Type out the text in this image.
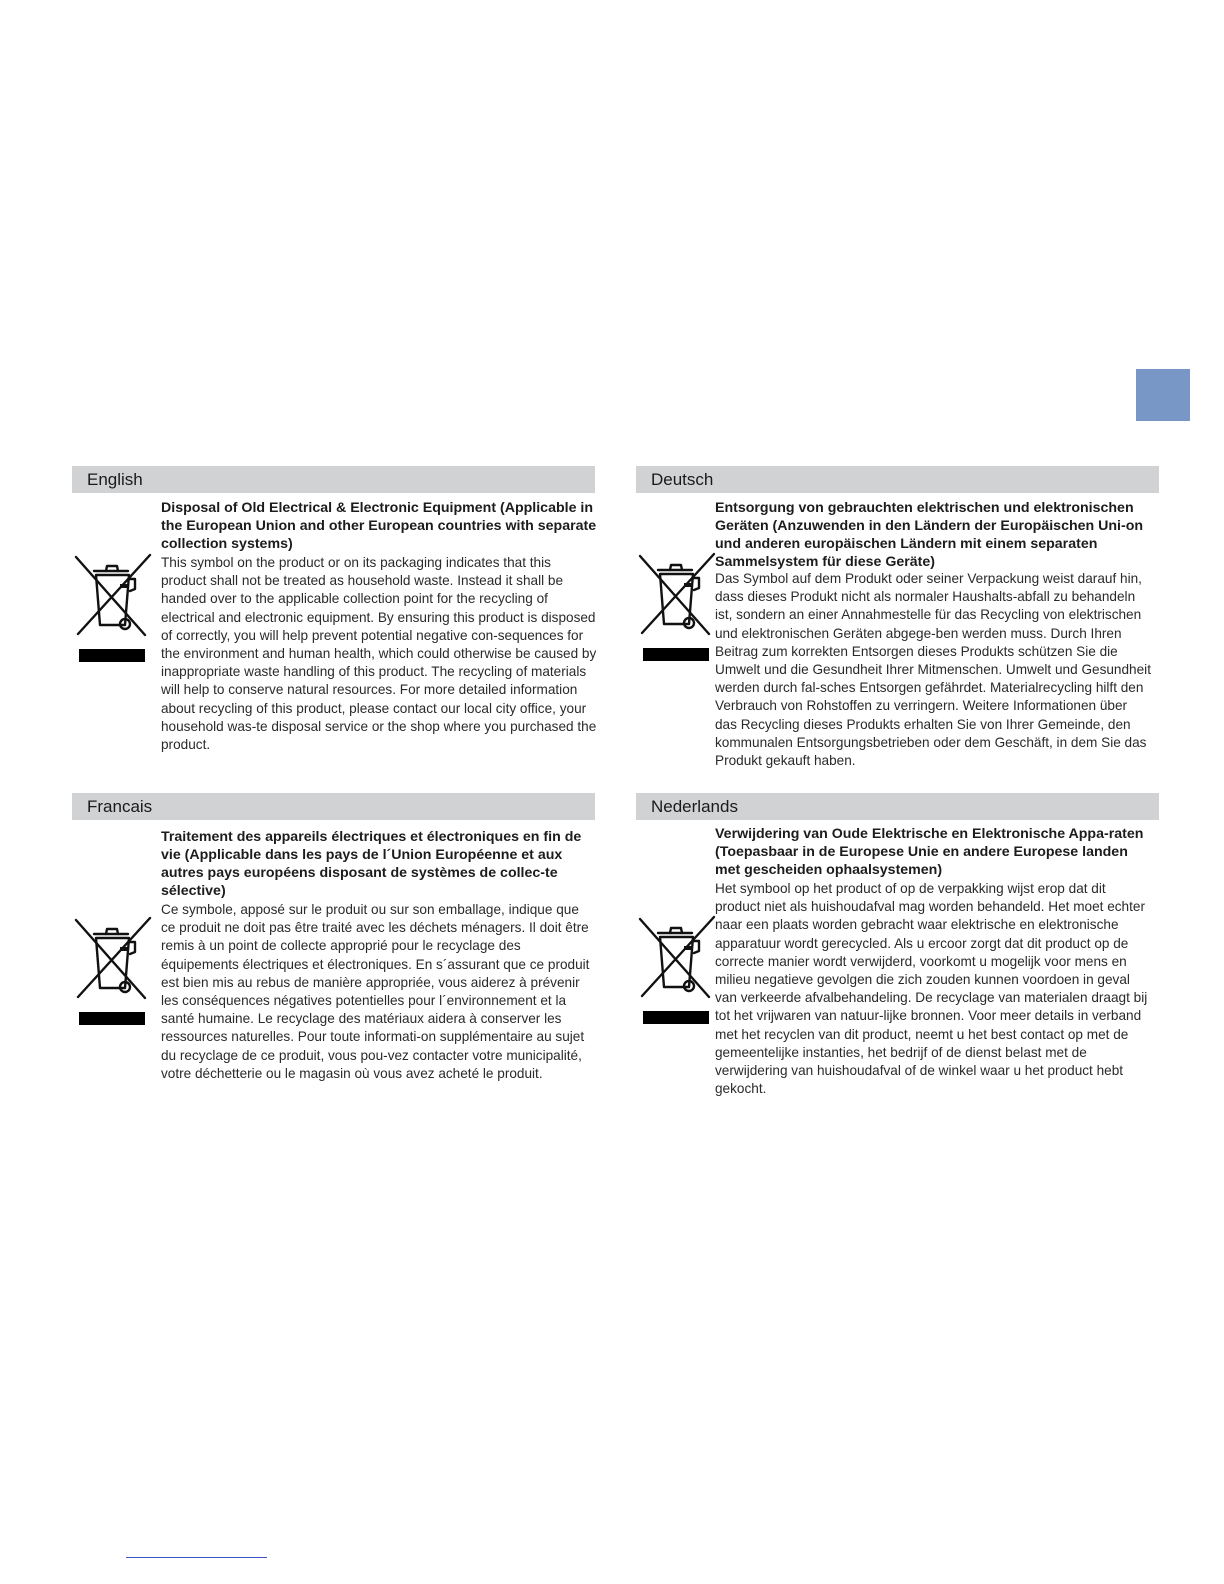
English

Disposal of Old Electrical & Electronic Equipment (Applicable in the European Union and other European countries with separate collection systems)

This symbol on the product or on its packaging indicates that this product shall not be treated as household waste. Instead it shall be handed over to the applicable collection point for the recycling of electrical and electronic equipment. By ensuring this product is disposed of correctly, you will help prevent potential negative con-sequences for the environment and human health, which could otherwise be caused by inappropriate waste handling of this product. The recycling of materials will help to conserve natural resources. For more detailed information about recycling of this product, please contact our local city office, your household was-te disposal service or the shop where you purchased the product.

Deutsch

Entsorgung von gebrauchten elektrischen und elektronischen Geräten (Anzuwenden in den Ländern der Europäischen Uni-on und anderen europäischen Ländern mit einem separaten Sammelsystem für diese Geräte)

Das Symbol auf dem Produkt oder seiner Verpackung weist darauf hin, dass dieses Produkt nicht als normaler Haushalts-abfall zu behandeln ist, sondern an einer Annahmestelle für das Recycling von elektrischen und elektronischen Geräten abgege-ben werden muss. Durch Ihren Beitrag zum korrekten Entsorgen dieses Produkts schützen Sie die Umwelt und die Gesundheit Ihrer Mitmenschen. Umwelt und Gesundheit werden durch fal-sches Entsorgen gefährdet. Materialrecycling hilft den Verbrauch von Rohstoffen zu verringern. Weitere Informationen über das Recycling dieses Produkts erhalten Sie von Ihrer Gemeinde, den kommunalen Entsorgungsbetrieben oder dem Geschäft, in dem Sie das Produkt gekauft haben.

Francais

Traitement des appareils électriques et électroniques en fin de vie (Applicable dans les pays de l´Union Européenne et aux autres pays européens disposant de systèmes de collec-te sélective)

Ce symbole, apposé sur le produit ou sur son emballage, indique que ce produit ne doit pas être traité avec les déchets ménagers. Il doit être remis à un point de collecte approprié pour le recyclage des équipements électriques et électroniques. En s´assurant que ce produit est bien mis au rebus de manière appropriée, vous aiderez à prévenir les conséquences négatives potentielles pour l´environnement et la santé humaine. Le recyclage des matériaux aidera à conserver les ressources naturelles. Pour toute informati-on supplémentaire au sujet du recyclage de ce produit, vous pou-vez contacter votre municipalité, votre déchetterie ou le magasin où vous avez acheté le produit.

Nederlands

Verwijdering van Oude Elektrische en Elektronische Appa-raten (Toepasbaar in de Europese Unie en andere Europese landen met gescheiden ophaalsystemen)

Het symbool op het product of op de verpakking wijst erop dat dit product niet als huishoudafval mag worden behandeld. Het moet echter naar een plaats worden gebracht waar elektrische en elektronische apparatuur wordt gerecycled. Als u ercoor zorgt dat dit product op de correcte manier wordt verwijderd, voorkomt u mogelijk voor mens en milieu negatieve gevolgen die zich zouden kunnen voordoen in geval van verkeerde afvalbehandeling. De recyclage van materialen draagt bij tot het vrijwaren van natuur-lijke bronnen. Voor meer details in verband met het recyclen van dit product, neemt u het best contact op met de gemeentelijke instanties, het bedrijf of de dienst belast met de verwijdering van huishoudafval of de winkel waar u het product hebt gekocht.
